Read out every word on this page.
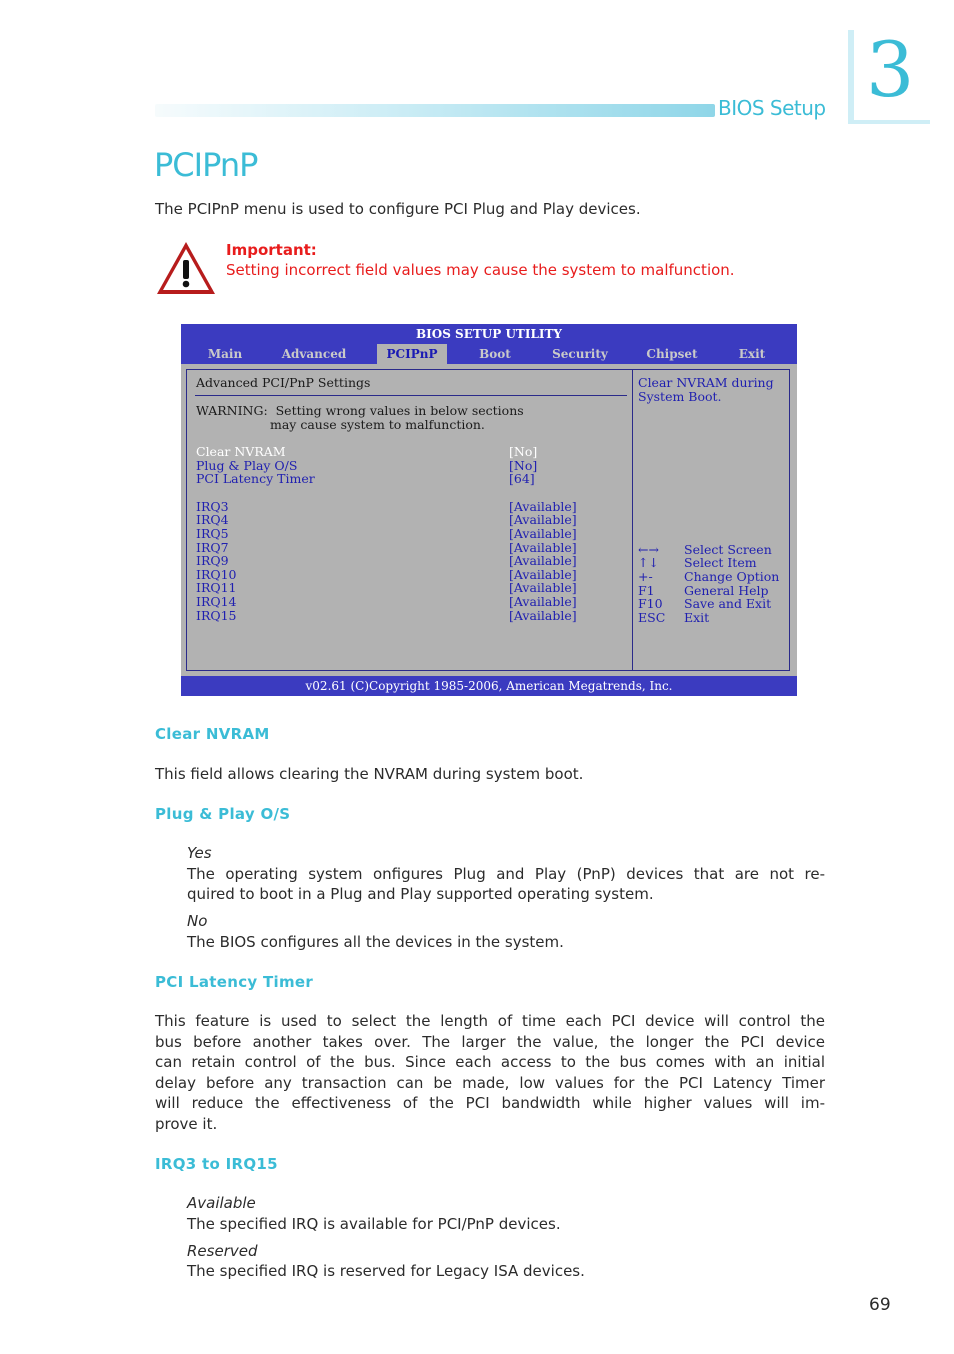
BIOS Setup 3
PCIPnP
The PCIPnP menu is used to configure PCI Plug and Play devices.
Important:
Setting incorrect field values may cause the system to malfunction.
BIOS SETUP UTILITY
Main	Advanced	PCIPnP	Boot	Security	Chipset	Exit
Advanced PCI/PnP Settings
WARNING:  Setting wrong values in below sections
may cause system to malfunction.
Clear NVRAM	[No]
Plug & Play O/S	[No]
PCI Latency Timer	[64]
IRQ3	[Available]
IRQ4	[Available]
IRQ5	[Available]
IRQ7	[Available]
IRQ9	[Available]
IRQ10	[Available]
IRQ11	[Available]
IRQ14	[Available]
IRQ15	[Available]
Clear NVRAM during
System Boot.
←→ Select Screen
↑↓ Select Item
+-	Change Option
F1 General Help
F10 Save and Exit
ESC Exit
v02.61 (C)Copyright 1985-2006, American Megatrends, Inc.
Clear NVRAM
This field allows clearing the NVRAM during system boot.
Plug & Play O/S
Yes
The operating system onfigures Plug and Play (PnP) devices that are not re-
quired to boot in a Plug and Play supported operating system.
No
The BIOS configures all the devices in the system.
PCI Latency Timer
This feature is used to select the length of time each PCI device will control the
bus before another takes over. The larger the value, the longer the PCI device
can retain control of the bus. Since each access to the bus comes with an initial
delay before any transaction can be made, low values for the PCI Latency Timer
will reduce the effectiveness of the PCI bandwidth while higher values will im-
prove it.
IRQ3 to IRQ15
Available
The specified IRQ is available for PCI/PnP devices.
Reserved
The specified IRQ is reserved for Legacy ISA devices.
69
